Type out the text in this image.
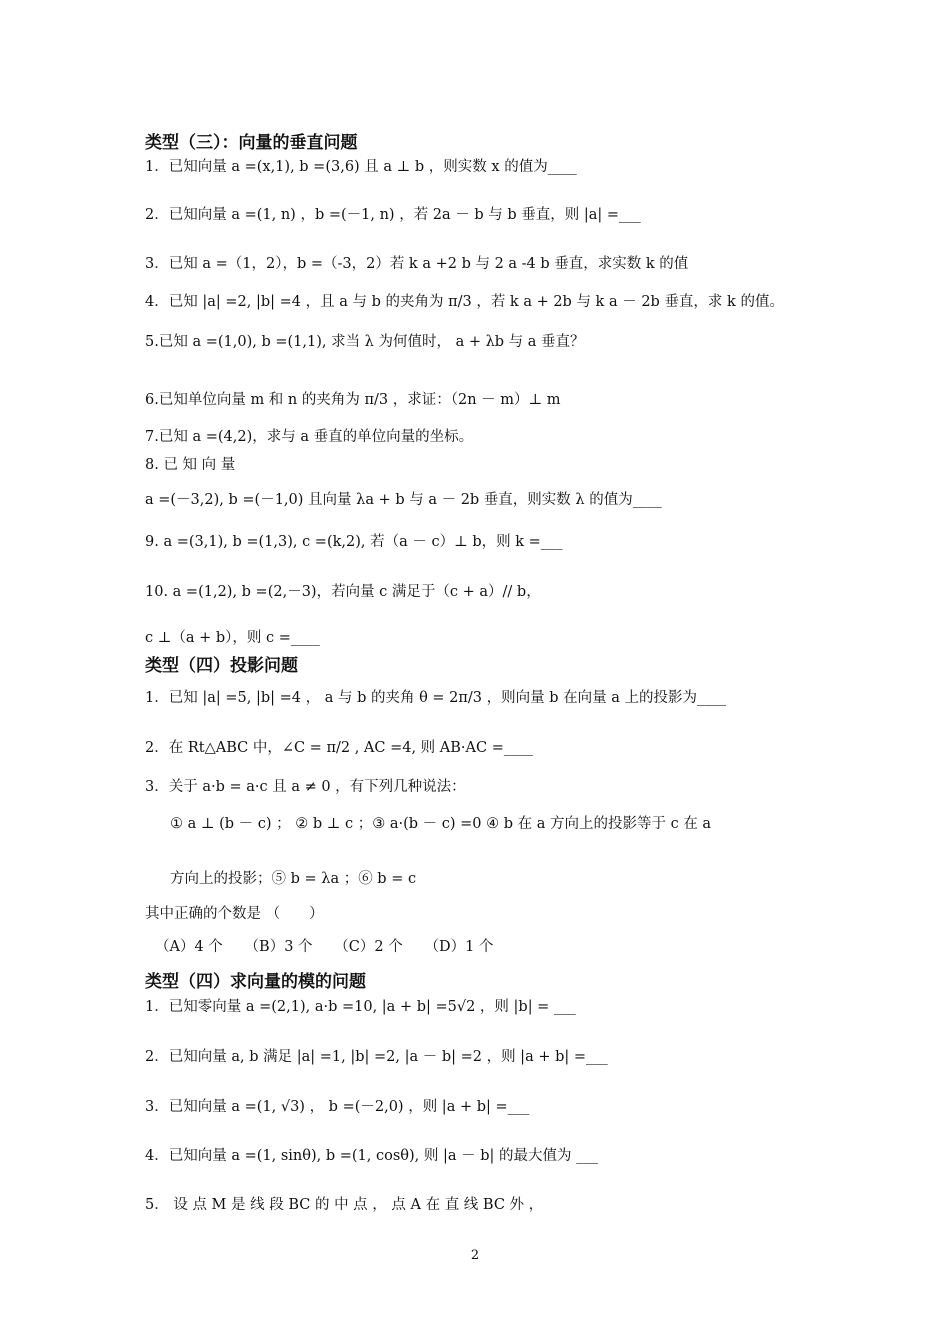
类型（三）：向量的垂直问题
1．已知向量 a =(x,1), b =(3,6) 且 a ⊥ b ，则实数 x 的值为____
2．已知向量 a =(1, n) ，b =(－1, n) ，若 2a － b 与 b 垂直，则 |a| =___
3．已知 a =（1，2），b =（-3，2）若 k a +2 b 与 2 a -4 b 垂直，求实数 k 的值
4．已知 |a| =2, |b| =4 ，且 a 与 b 的夹角为 π/3 ，若 k a + 2b 与 k a － 2b 垂直，求 k 的值。
5.已知 a =(1,0), b =(1,1), 求当 λ 为何值时， a + λb 与 a 垂直？
6.已知单位向量 m 和 n 的夹角为 π/3 ，求证：（2n － m）⊥ m
7.已知 a =(4,2)，求与 a 垂直的单位向量的坐标。
8. 已 知 向 量
a =(－3,2), b =(－1,0) 且向量 λa + b 与 a － 2b 垂直，则实数 λ 的值为____
9. a =(3,1), b =(1,3), c =(k,2), 若（a － c）⊥ b，则 k =___
10. a =(1,2), b =(2,－3)，若向量 c 满足于（c + a）// b，
c ⊥（a + b），则 c =____
类型（四）投影问题
1．已知 |a| =5, |b| =4 ， a 与 b 的夹角 θ = 2π/3 ，则向量 b 在向量 a 上的投影为____
2．在 Rt△ABC 中，∠C = π/2 , AC =4, 则 AB·AC =____
3．关于 a·b = a·c 且 a ≠ 0 ，有下列几种说法：
① a ⊥ (b － c) ； ② b ⊥ c ；③ a·(b － c) =0 ④ b 在 a 方向上的投影等于 c 在 a
方向上的投影；⑤ b = λa ；⑥ b = c
其中正确的个数是 （　　）
（A）4 个　　（B）3 个　　（C）2 个　　（D）1 个
类型（四）求向量的模的问题
1．已知零向量 a =(2,1), a·b =10, |a + b| =5√2 ，则 |b| = ___
2．已知向量 a, b 满足 |a| =1, |b| =2, |a － b| =2 ，则 |a + b| =___
3．已知向量 a =(1, √3) ， b =(－2,0) ，则 |a + b| =___
4．已知向量 a =(1, sinθ), b =(1, cosθ), 则 |a － b| 的最大值为 ___
5． 设 点 M 是 线 段 BC 的 中 点 ， 点 A 在 直 线 BC 外 ，
2
